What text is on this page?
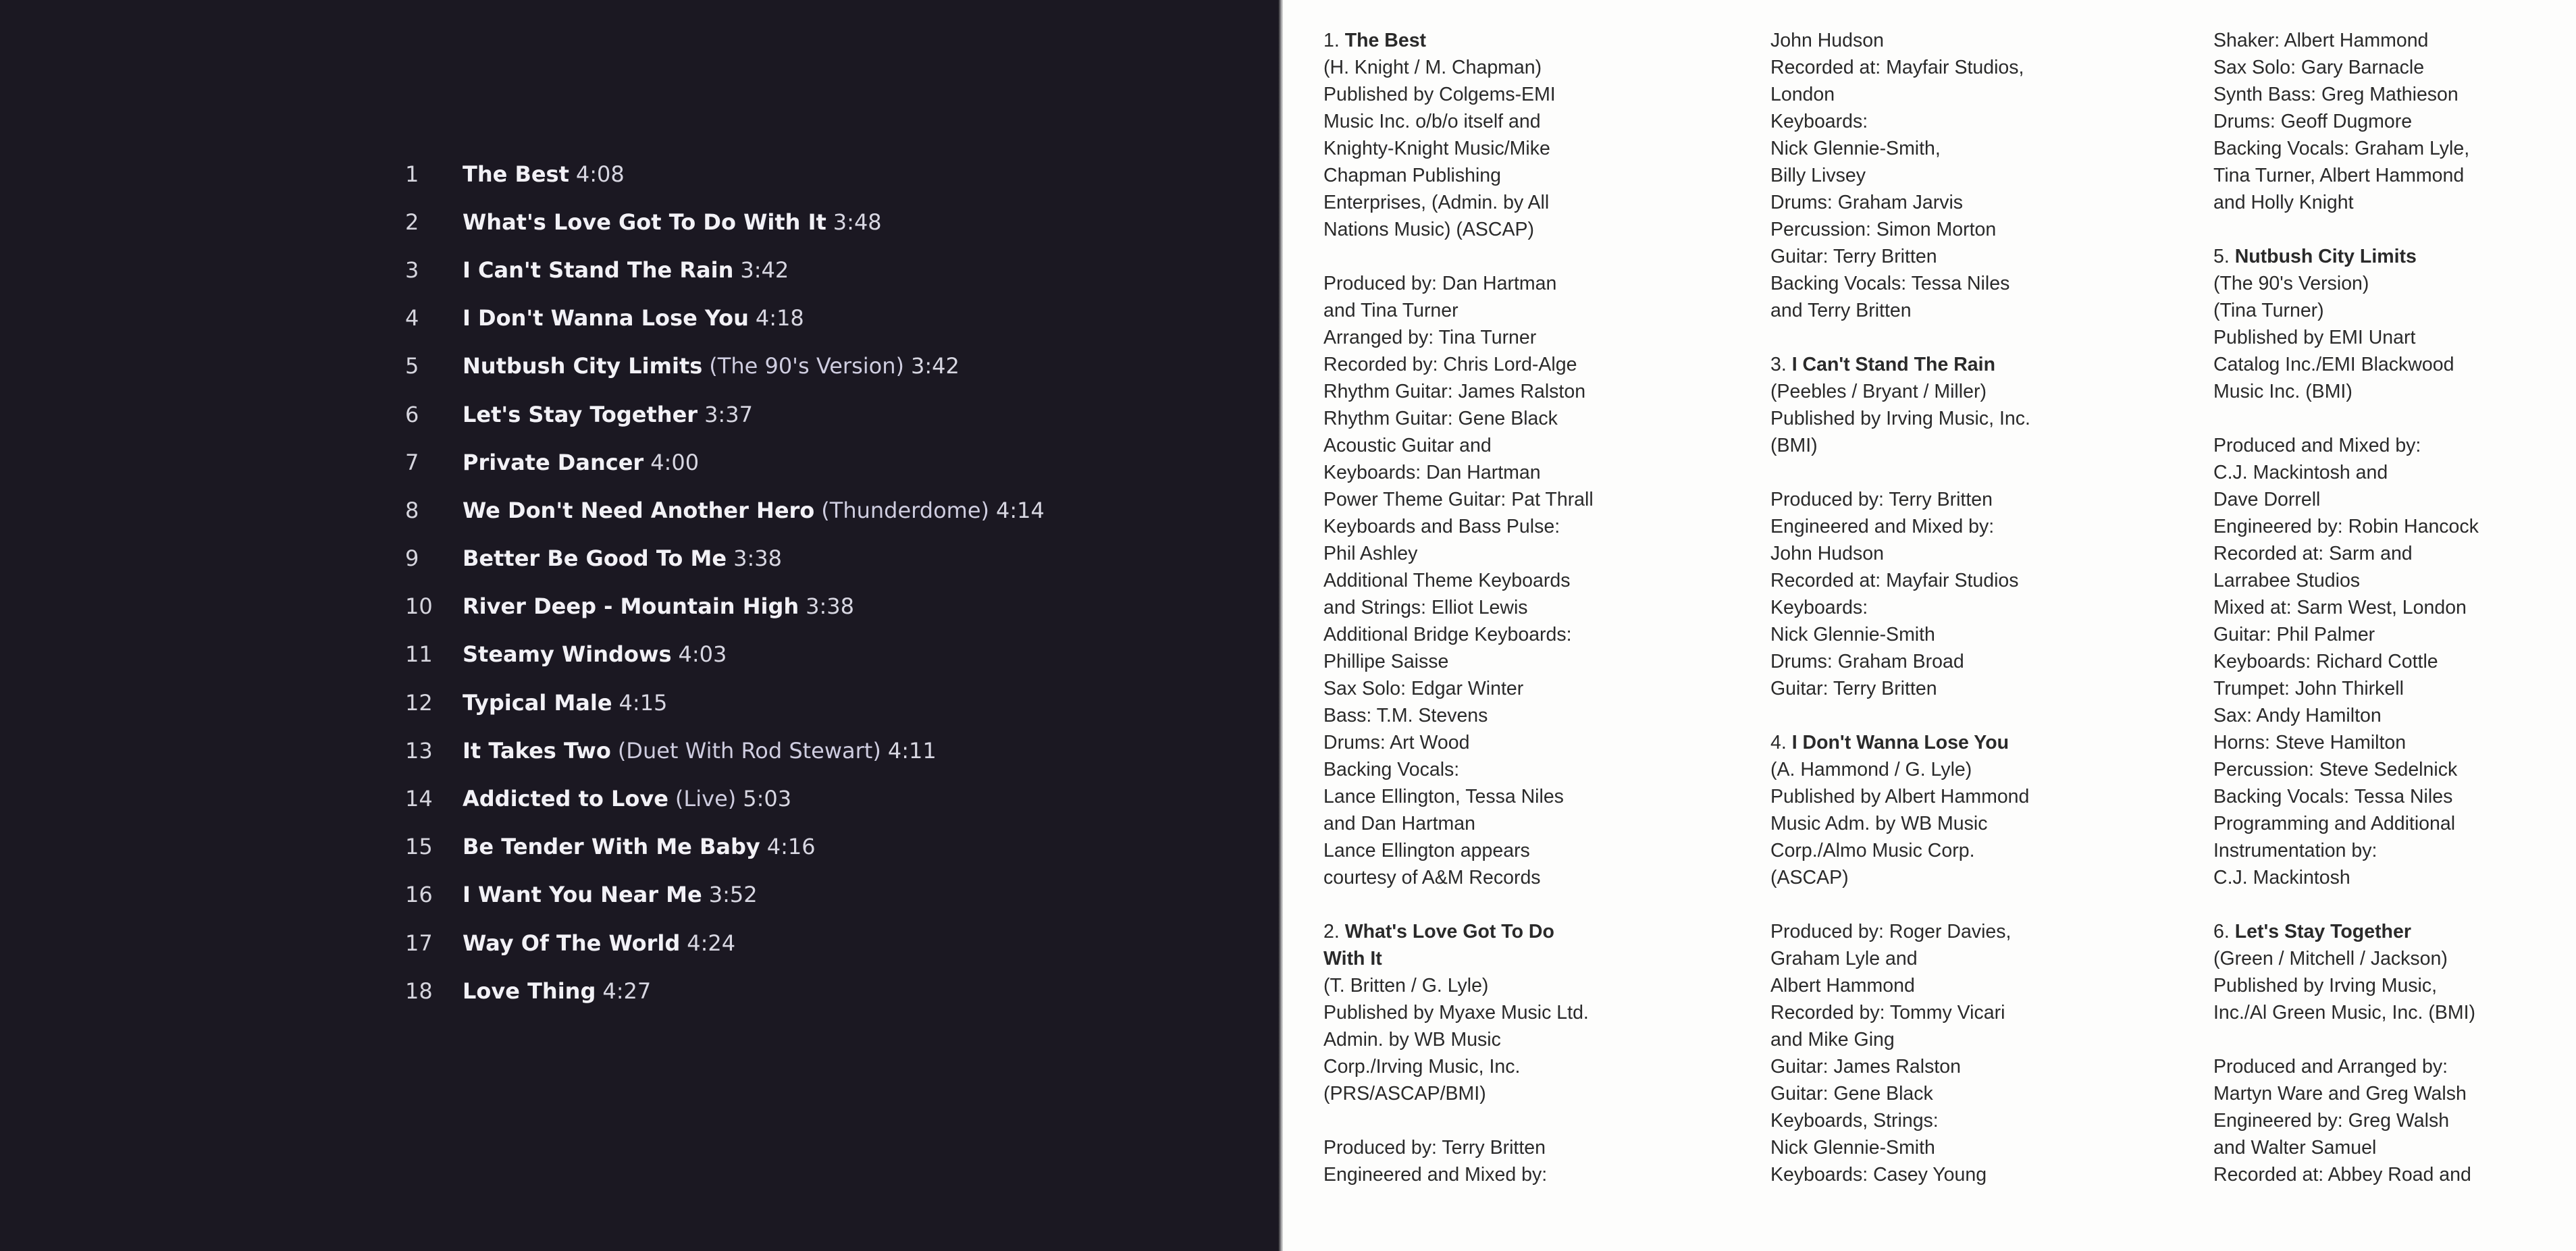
1	The Best 4:08
2	What's Love Got To Do With It 3:48
3	I Can't Stand The Rain 3:42
4	I Don't Wanna Lose You 4:18
5	Nutbush City Limits (The 90's Version) 3:42
6	Let's Stay Together 3:37
7	Private Dancer 4:00
8	We Don't Need Another Hero (Thunderdome) 4:14
9	Better Be Good To Me 3:38
10	River Deep - Mountain High 3:38
11	Steamy Windows 4:03
12	Typical Male 4:15
13	It Takes Two (Duet With Rod Stewart) 4:11
14	Addicted to Love (Live) 5:03
15	Be Tender With Me Baby 4:16
16	I Want You Near Me 3:52
17	Way Of The World 4:24
18	Love Thing 4:27
1. The Best
(H. Knight / M. Chapman)
Published by Colgems-EMI
Music Inc. o/b/o itself and
Knighty-Knight Music/Mike
Chapman Publishing
Enterprises, (Admin. by All
Nations Music) (ASCAP)
Produced by: Dan Hartman
and Tina Turner
Arranged by: Tina Turner
Recorded by: Chris Lord-Alge
Rhythm Guitar: James Ralston
Rhythm Guitar: Gene Black
Acoustic Guitar and
Keyboards: Dan Hartman
Power Theme Guitar: Pat Thrall
Keyboards and Bass Pulse:
Phil Ashley
Additional Theme Keyboards
and Strings: Elliot Lewis
Additional Bridge Keyboards:
Phillipe Saisse
Sax Solo: Edgar Winter
Bass: T.M. Stevens
Drums: Art Wood
Backing Vocals:
Lance Ellington, Tessa Niles
and Dan Hartman
Lance Ellington appears
courtesy of A&M Records
2. What's Love Got To Do
With It
(T. Britten / G. Lyle)
Published by Myaxe Music Ltd.
Admin. by WB Music
Corp./Irving Music, Inc.
(PRS/ASCAP/BMI)
Produced by: Terry Britten
Engineered and Mixed by:
John Hudson
Recorded at: Mayfair Studios,
London
Keyboards:
Nick Glennie-Smith,
Billy Livsey
Drums: Graham Jarvis
Percussion: Simon Morton
Guitar: Terry Britten
Backing Vocals: Tessa Niles
and Terry Britten
3. I Can't Stand The Rain
(Peebles / Bryant / Miller)
Published by Irving Music, Inc.
(BMI)
Produced by: Terry Britten
Engineered and Mixed by:
John Hudson
Recorded at: Mayfair Studios
Keyboards:
Nick Glennie-Smith
Drums: Graham Broad
Guitar: Terry Britten
4. I Don't Wanna Lose You
(A. Hammond / G. Lyle)
Published by Albert Hammond
Music Adm. by WB Music
Corp./Almo Music Corp.
(ASCAP)
Produced by: Roger Davies,
Graham Lyle and
Albert Hammond
Recorded by: Tommy Vicari
and Mike Ging
Guitar: James Ralston
Guitar: Gene Black
Keyboards, Strings:
Nick Glennie-Smith
Keyboards: Casey Young
Shaker: Albert Hammond
Sax Solo: Gary Barnacle
Synth Bass: Greg Mathieson
Drums: Geoff Dugmore
Backing Vocals: Graham Lyle,
Tina Turner, Albert Hammond
and Holly Knight
5. Nutbush City Limits
(The 90's Version)
(Tina Turner)
Published by EMI Unart
Catalog Inc./EMI Blackwood
Music Inc. (BMI)
Produced and Mixed by:
C.J. Mackintosh and
Dave Dorrell
Engineered by: Robin Hancock
Recorded at: Sarm and
Larrabee Studios
Mixed at: Sarm West, London
Guitar: Phil Palmer
Keyboards: Richard Cottle
Trumpet: John Thirkell
Sax: Andy Hamilton
Horns: Steve Hamilton
Percussion: Steve Sedelnick
Backing Vocals: Tessa Niles
Programming and Additional
Instrumentation by:
C.J. Mackintosh
6. Let's Stay Together
(Green / Mitchell / Jackson)
Published by Irving Music,
Inc./Al Green Music, Inc. (BMI)
Produced and Arranged by:
Martyn Ware and Greg Walsh
Engineered by: Greg Walsh
and Walter Samuel
Recorded at: Abbey Road and
